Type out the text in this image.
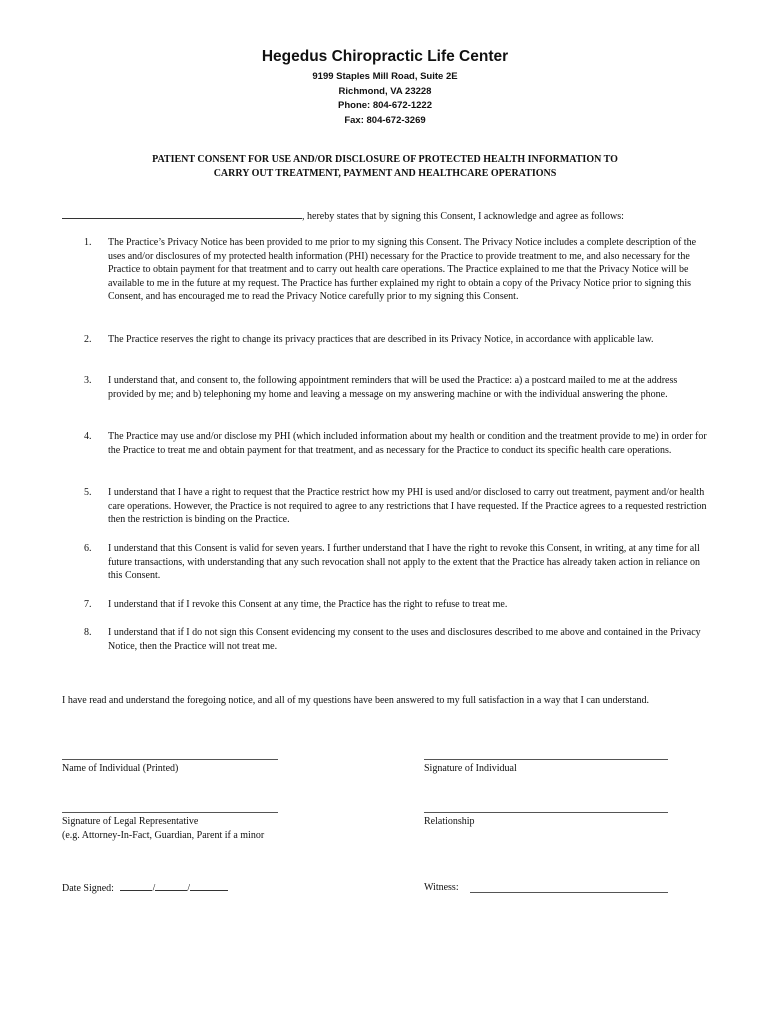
Hegedus Chiropractic Life Center
9199 Staples Mill Road, Suite 2E
Richmond, VA 23228
Phone: 804-672-1222
Fax: 804-672-3269
PATIENT CONSENT FOR USE AND/OR DISCLOSURE OF PROTECTED HEALTH INFORMATION TO
CARRY OUT TREATMENT, PAYMENT AND HEALTHCARE OPERATIONS
, hereby states that by signing this Consent, I acknowledge and agree as follows:
1.	The Practice’s Privacy Notice has been provided to me prior to my signing this Consent. The Privacy Notice includes a complete description of the uses and/or disclosures of my protected health information (PHI) necessary for the Practice to provide treatment to me, and also necessary for the Practice to obtain payment for that treatment and to carry out health care operations. The Practice explained to me that the Privacy Notice will be available to me in the future at my request. The Practice has further explained my right to obtain a copy of the Privacy Notice prior to signing this Consent, and has encouraged me to read the Privacy Notice carefully prior to my signing this Consent.
2.	The Practice reserves the right to change its privacy practices that are described in its Privacy Notice, in accordance with applicable law.
3.	I understand that, and consent to, the following appointment reminders that will be used the Practice: a) a postcard mailed to me at the address provided by me; and b) telephoning my home and leaving a message on my answering machine or with the individual answering the phone.
4.	The Practice may use and/or disclose my PHI (which included information about my health or condition and the treatment provide to me) in order for the Practice to treat me and obtain payment for that treatment, and as necessary for the Practice to conduct its specific health care operations.
5.	I understand that I have a right to request that the Practice restrict how my PHI is used and/or disclosed to carry out treatment, payment and/or health care operations. However, the Practice is not required to agree to any restrictions that I have requested. If the Practice agrees to a requested restriction then the restriction is binding on the Practice.
6.	I understand that this Consent is valid for seven years. I further understand that I have the right to revoke this Consent, in writing, at any time for all future transactions, with understanding that any such revocation shall not apply to the extent that the Practice has already taken action in reliance on this Consent.
7.	I understand that if I revoke this Consent at any time, the Practice has the right to refuse to treat me.
8.	I understand that if I do not sign this Consent evidencing my consent to the uses and disclosures described to me above and contained in the Privacy Notice, then the Practice will not treat me.
I have read and understand the foregoing notice, and all of my questions have been answered to my full satisfaction in a way that I can understand.
Name of Individual (Printed)	Signature of Individual
Signature of Legal Representative
(e.g. Attorney-In-Fact, Guardian, Parent if a minor
Relationship
Date Signed:	/	/	Witness:
